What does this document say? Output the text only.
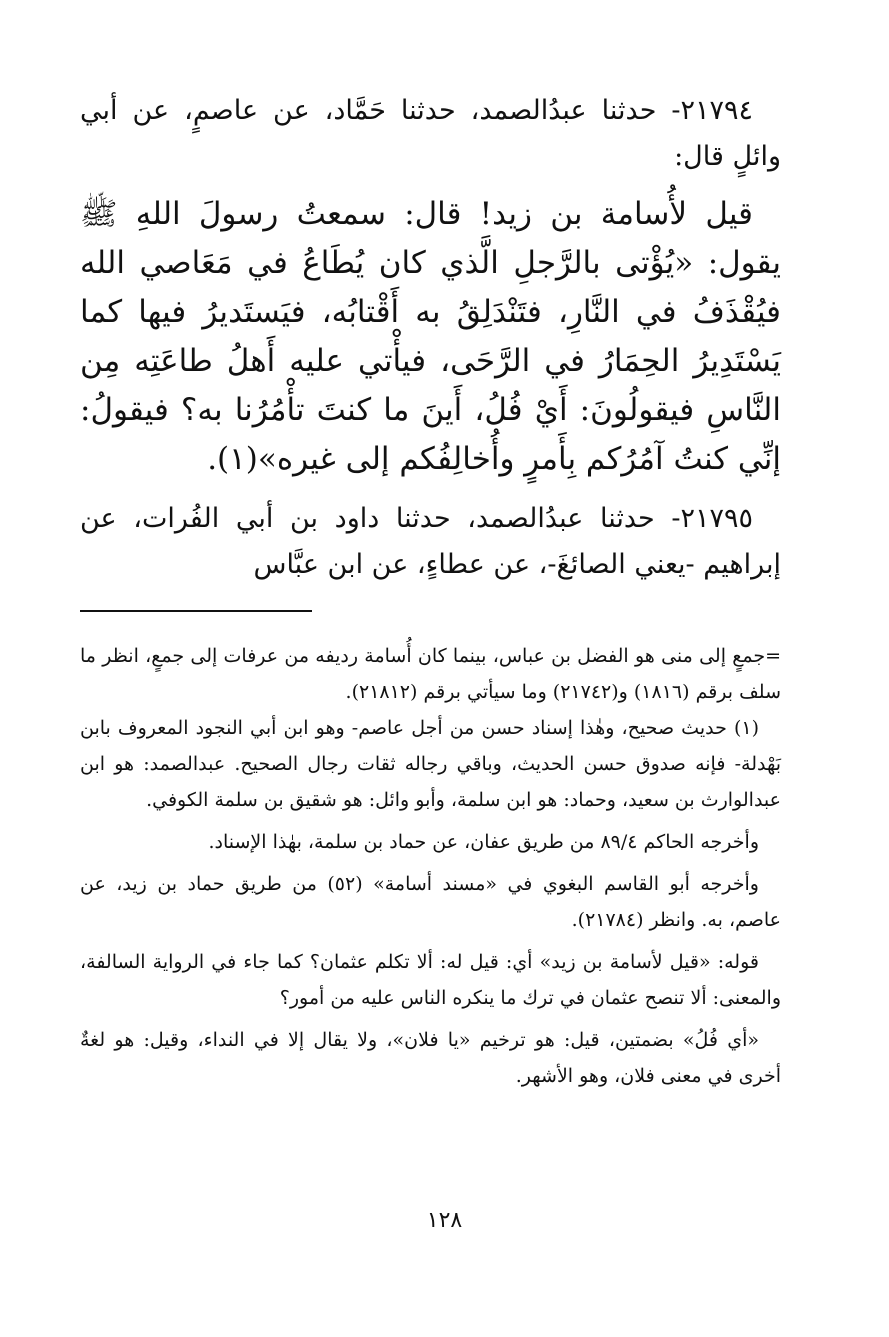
٢١٧٩٤- حدثنا عبدُالصمد، حدثنا حَمَّاد، عن عاصمٍ، عن أبي وائلٍ قال:

قيل لأُسامة بن زيد! قال: سمعتُ رسولَ اللهِ ﷺ يقول: «يُؤْتى بالرَّجلِ الَّذي كان يُطَاعُ في مَعَاصي الله فيُقْذَفُ في النَّارِ، فتَنْدَلِقُ به أَقْتابُه، فيَستَديرُ فيها كما يَسْتَدِيرُ الحِمَارُ في الرَّحَى، فيأْتي عليه أَهلُ طاعَتِه مِن النَّاسِ فيقولُونَ: أَيْ فُلُ، أَينَ ما كنتَ تأْمُرُنا به؟ فيقولُ: إنِّي كنتُ آمُرُكم بِأَمرٍ وأُخالِفُكم إلى غيره»(١).

٢١٧٩٥- حدثنا عبدُالصمد، حدثنا داود بن أبي الفُرات، عن إبراهيم -يعني الصائغَ-، عن عطاءٍ، عن ابن عبَّاس

=جمعٍ إلى منى هو الفضل بن عباس، بينما كان أُسامة رديفه من عرفات إلى جمعٍ، انظر ما سلف برقم (١٨١٦) و(٢١٧٤٢) وما سيأتي برقم (٢١٨١٢).

(١) حديث صحيح، وهٰذا إسناد حسن من أجل عاصم- وهو ابن أبي النجود المعروف بابن بَهْدلة- فإنه صدوق حسن الحديث، وباقي رجاله ثقات رجال الصحيح. عبدالصمد: هو ابن عبدالوارث بن سعيد، وحماد: هو ابن سلمة، وأبو وائل: هو شقيق بن سلمة الكوفي.

وأخرجه الحاكم ٨٩/٤ من طريق عفان، عن حماد بن سلمة، بهٰذا الإسناد.

وأخرجه أبو القاسم البغوي في «مسند أسامة» (٥٢) من طريق حماد بن زيد، عن عاصم، به. وانظر (٢١٧٨٤).

قوله: «قيل لأسامة بن زيد» أي: قيل له: ألا تكلم عثمان؟ كما جاء في الرواية السالفة، والمعنى: ألا تنصح عثمان في ترك ما ينكره الناس عليه من أمور؟

«أي فُلُ» بضمتين، قيل: هو ترخيم «يا فلان»، ولا يقال إلا في النداء، وقيل: هو لغةٌ أخرى في معنى فلان، وهو الأشهر.

١٢٨
